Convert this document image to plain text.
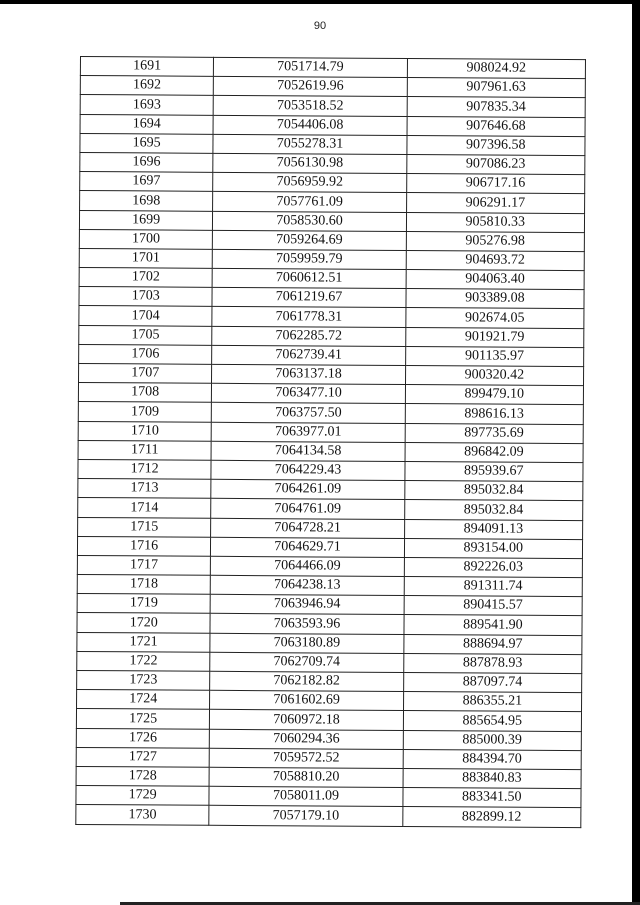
90
1691	7051714.79	908024.92
1692	7052619.96	907961.63
1693	7053518.52	907835.34
1694	7054406.08	907646.68
1695	7055278.31	907396.58
1696	7056130.98	907086.23
1697	7056959.92	906717.16
1698	7057761.09	906291.17
1699	7058530.60	905810.33
1700	7059264.69	905276.98
1701	7059959.79	904693.72
1702	7060612.51	904063.40
1703	7061219.67	903389.08
1704	7061778.31	902674.05
1705	7062285.72	901921.79
1706	7062739.41	901135.97
1707	7063137.18	900320.42
1708	7063477.10	899479.10
1709	7063757.50	898616.13
1710	7063977.01	897735.69
1711	7064134.58	896842.09
1712	7064229.43	895939.67
1713	7064261.09	895032.84
1714	7064761.09	895032.84
1715	7064728.21	894091.13
1716	7064629.71	893154.00
1717	7064466.09	892226.03
1718	7064238.13	891311.74
1719	7063946.94	890415.57
1720	7063593.96	889541.90
1721	7063180.89	888694.97
1722	7062709.74	887878.93
1723	7062182.82	887097.74
1724	7061602.69	886355.21
1725	7060972.18	885654.95
1726	7060294.36	885000.39
1727	7059572.52	884394.70
1728	7058810.20	883840.83
1729	7058011.09	883341.50
1730	7057179.10	882899.12
